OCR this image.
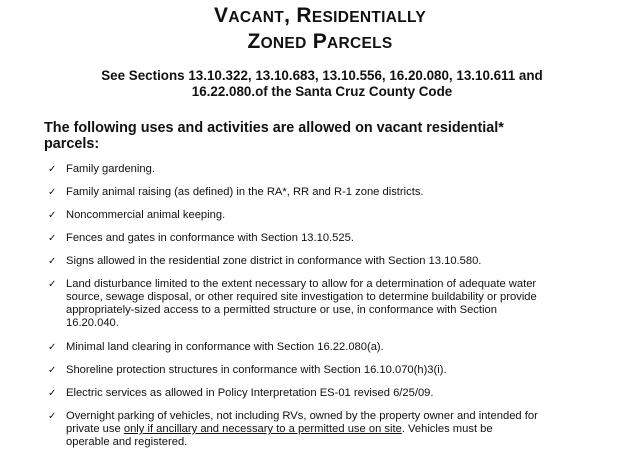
VACANT, RESIDENTIALLY
ZONED PARCELS
See Sections 13.10.322, 13.10.683, 13.10.556, 16.20.080, 13.10.611 and
16.22.080.of the Santa Cruz County Code
The following uses and activities are allowed on vacant residential*
parcels:
✓ Family gardening.
✓ Family animal raising (as defined) in the RA*, RR and R-1 zone districts.
✓ Noncommercial animal keeping.
✓ Fences and gates in conformance with Section 13.10.525.
✓ Signs allowed in the residential zone district in conformance with Section 13.10.580.
✓ Land disturbance limited to the extent necessary to allow for a determination of adequate water
source, sewage disposal, or other required site investigation to determine buildability or provide
appropriately-sized access to a permitted structure or use, in conformance with Section
16.20.040.
✓ Minimal land clearing in conformance with Section 16.22.080(a).
✓ Shoreline protection structures in conformance with Section 16.10.070(h)3(i).
✓ Electric services as allowed in Policy Interpretation ES-01 revised 6/25/09.
✓ Overnight parking of vehicles, not including RVs, owned by the property owner and intended for
private use only if ancillary and necessary to a permitted use on site. Vehicles must be
operable and registered.
